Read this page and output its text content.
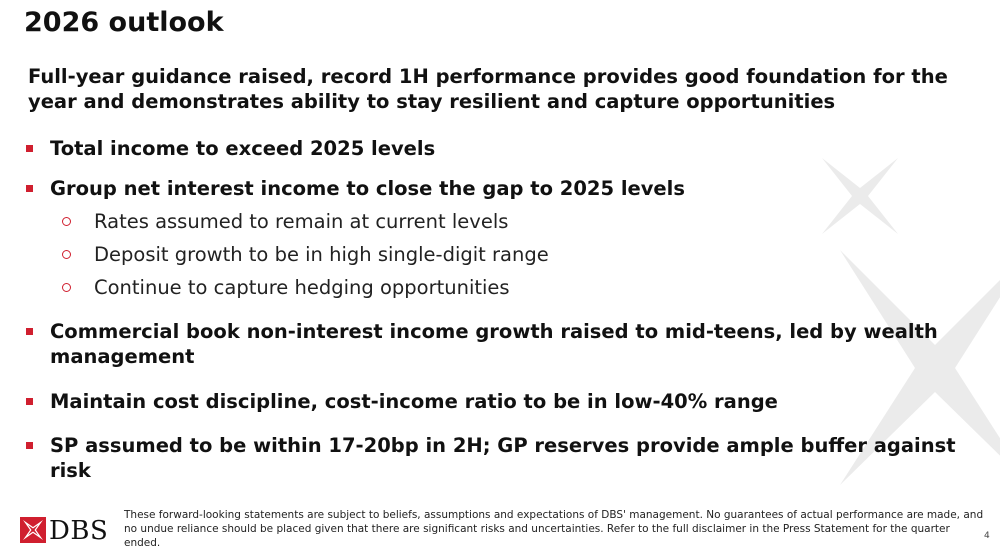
2026 outlook

Full-year guidance raised, record 1H performance provides good foundation for the year and demonstrates ability to stay resilient and capture opportunities

Total income to exceed 2025 levels
Group net interest income to close the gap to 2025 levels
Rates assumed to remain at current levels
Deposit growth to be in high single-digit range
Continue to capture hedging opportunities
Commercial book non-interest income growth raised to mid-teens, led by wealth management
Maintain cost discipline, cost-income ratio to be in low-40% range
SP assumed to be within 17-20bp in 2H; GP reserves provide ample buffer against risk
DBS
These forward-looking statements are subject to beliefs, assumptions and expectations of DBS' management. No guarantees of actual performance are made, and no undue reliance should be placed given that there are significant risks and uncertainties. Refer to the full disclaimer in the Press Statement for the quarter ended.
4
